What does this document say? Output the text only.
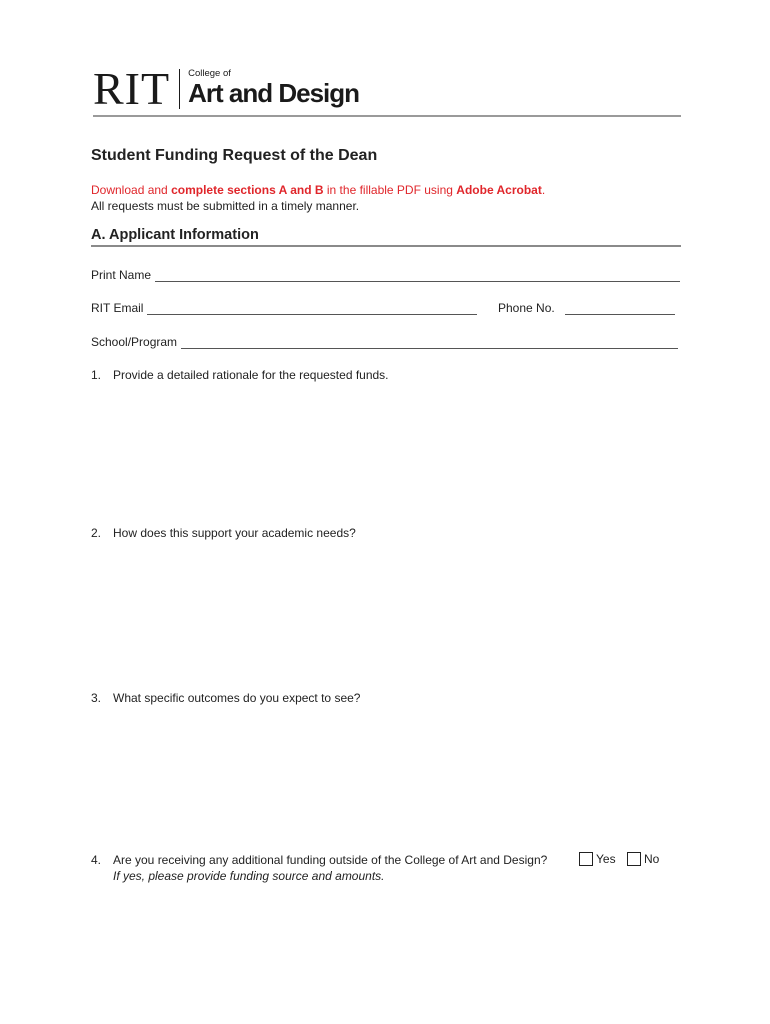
RIT College of
Art and Design
Student Funding Request of the Dean
Download and complete sections A and B in the fillable PDF using Adobe Acrobat.
All requests must be submitted in a timely manner.
A. Applicant Information
Print Name
RIT Email	Phone No.
School/Program
1. Provide a detailed rationale for the requested funds.
2. How does this support your academic needs?
3. What specific outcomes do you expect to see?
4. Are you receiving any additional funding outside of the College of Art and Design?
If yes, please provide funding source and amounts.
Yes No
